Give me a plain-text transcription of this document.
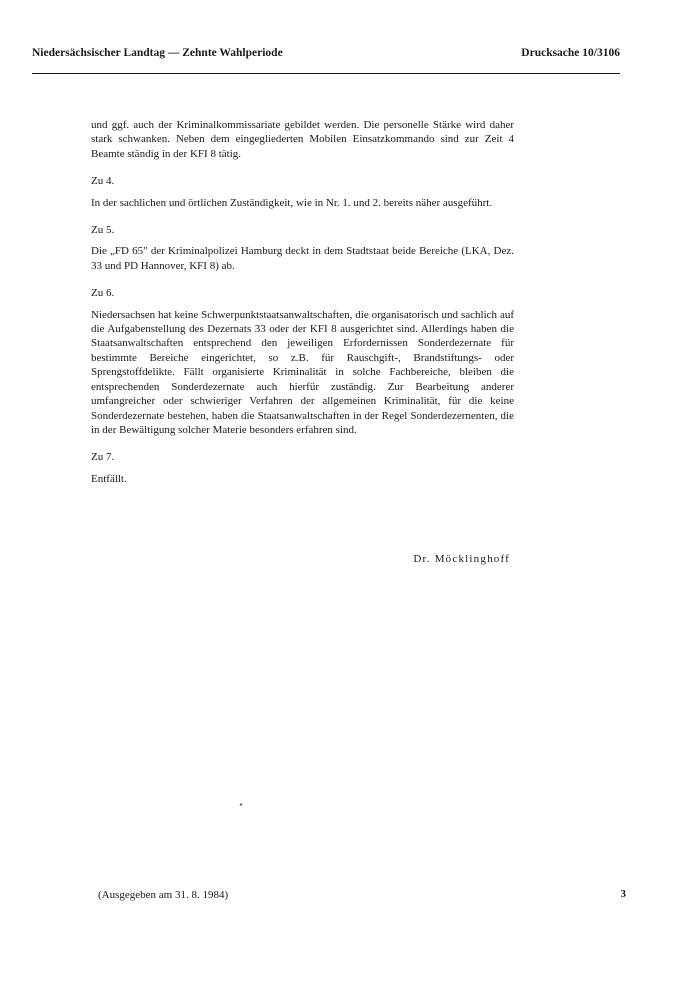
Niedersächsischer Landtag — Zehnte Wahlperiode	Drucksache 10/3106

und ggf. auch der Kriminalkommissariate gebildet werden. Die personelle Stärke wird daher stark schwanken. Neben dem eingegliederten Mobilen Einsatzkommando sind zur Zeit 4 Beamte ständig in der KFI 8 tätig.

Zu 4.

In der sachlichen und örtlichen Zuständigkeit, wie in Nr. 1. und 2. bereits näher ausgeführt.

Zu 5.

Die „FD 65" der Kriminalpolizei Hamburg deckt in dem Stadtstaat beide Bereiche (LKA, Dez. 33 und PD Hannover, KFI 8) ab.

Zu 6.

Niedersachsen hat keine Schwerpunktstaatsanwaltschaften, die organisatorisch und sachlich auf die Aufgabenstellung des Dezernats 33 oder der KFI 8 ausgerichtet sind. Allerdings haben die Staatsanwaltschaften entsprechend den jeweiligen Erfordernissen Sonderdezernate für bestimmte Bereiche eingerichtet, so z.B. für Rauschgift-, Brandstiftungs- oder Sprengstoffdelikte. Fällt organisierte Kriminalität in solche Fachbereiche, bleiben die entsprechenden Sonderdezernate auch hierfür zuständig. Zur Bearbeitung anderer umfangreicher oder schwieriger Verfahren der allgemeinen Kriminalität, für die keine Sonderdezernate bestehen, haben die Staatsanwaltschaften in der Regel Sonderdezernenten, die in der Bewältigung solcher Materie besonders erfahren sind.

Zu 7.

Entfällt.

Dr. Möcklinghoff
(Ausgegeben am 31. 8. 1984)	3
